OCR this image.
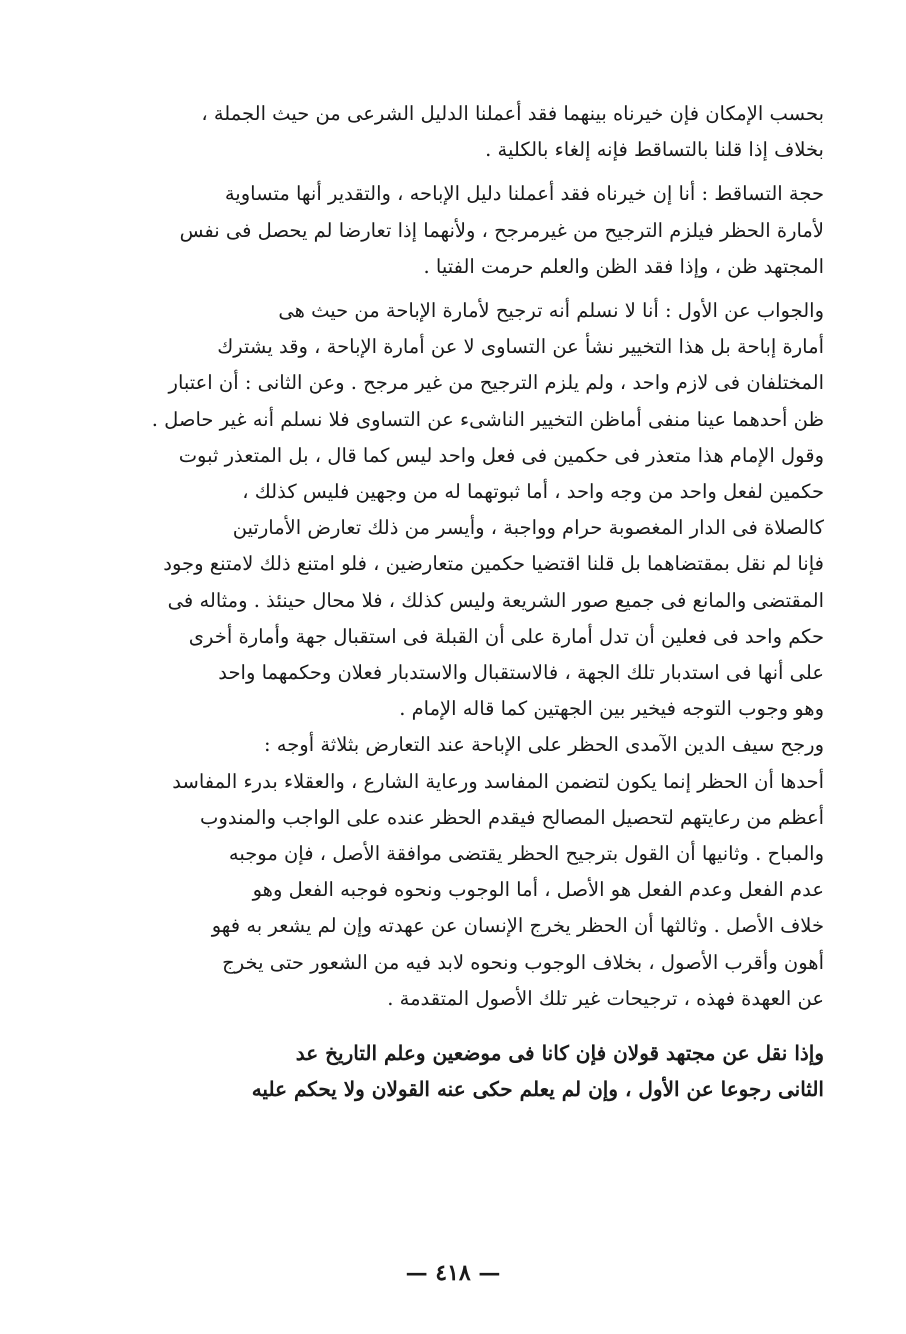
بحسب الإمكان فإن خيرناه بينهما فقد أعملنا الدليل الشرعى من حيث الجملة ،
بخلاف إذا قلنا بالتساقط فإنه إلغاء بالكلية .

حجة التساقط : أنا إن خيرناه فقد أعملنا دليل الإباحه ، والتقدير أنها متساوية
لأمارة الحظر فيلزم الترجيح من غيرمرجح ، ولأنهما إذا تعارضا لم يحصل فى نفس
المجتهد ظن ، وإذا فقد الظن والعلم حرمت الفتيا .

والجواب عن الأول : أنا لا نسلم أنه ترجيح لأمارة الإباحة من حيث هى
أمارة إباحة بل هذا التخيير نشأ عن التساوى لا عن أمارة الإباحة ، وقد يشترك
المختلفان فى لازم واحد ، ولم يلزم الترجيح من غير مرجح . وعن الثانى : أن اعتبار
ظن أحدهما عينا منفى أماظن التخيير الناشىء عن التساوى فلا نسلم أنه غير حاصل .
وقول الإمام هذا متعذر فى حكمين فى فعل واحد ليس كما قال ، بل المتعذر ثبوت
حكمين لفعل واحد من وجه واحد ، أما ثبوتهما له من وجهين فليس كذلك ،
كالصلاة فى الدار المغصوبة حرام وواجبة ، وأيسر من ذلك تعارض الأمارتين
فإنا لم نقل بمقتضاهما بل قلنا اقتضيا حكمين متعارضين ، فلو امتنع ذلك لامتنع وجود
المقتضى والمانع فى جميع صور الشريعة وليس كذلك ، فلا محال حينئذ . ومثاله فى
حكم واحد فى فعلين أن تدل أمارة على أن القبلة فى استقبال جهة وأمارة أخرى
على أنها فى استدبار تلك الجهة ، فالاستقبال والاستدبار فعلان وحكمهما واحد
وهو وجوب التوجه فيخير بين الجهتين كما قاله الإمام .

ورجح سيف الدين الآمدى الحظر على الإباحة عند التعارض بثلاثة أوجه :
أحدها أن الحظر إنما يكون لتضمن المفاسد ورعاية الشارع ، والعقلاء بدرء المفاسد
أعظم من رعايتهم لتحصيل المصالح فيقدم الحظر عنده على الواجب والمندوب
والمباح . وثانيها أن القول بترجيح الحظر يقتضى موافقة الأصل ، فإن موجبه
عدم الفعل وعدم الفعل هو الأصل ، أما الوجوب ونحوه فوجبه الفعل وهو
خلاف الأصل . وثالثها أن الحظر يخرج الإنسان عن عهدته وإن لم يشعر به فهو
أهون وأقرب الأصول ، بخلاف الوجوب ونحوه لابد فيه من الشعور حتى يخرج
عن العهدة فهذه ، ترجيحات غير تلك الأصول المتقدمة .

وإذا نقل عن مجتهد قولان فإن كانا فى موضعين وعلم التاريخ عد
الثانى رجوعا عن الأول ، وإن لم يعلم حكى عنه القولان ولا يحكم عليه

— ٤١٨ —
